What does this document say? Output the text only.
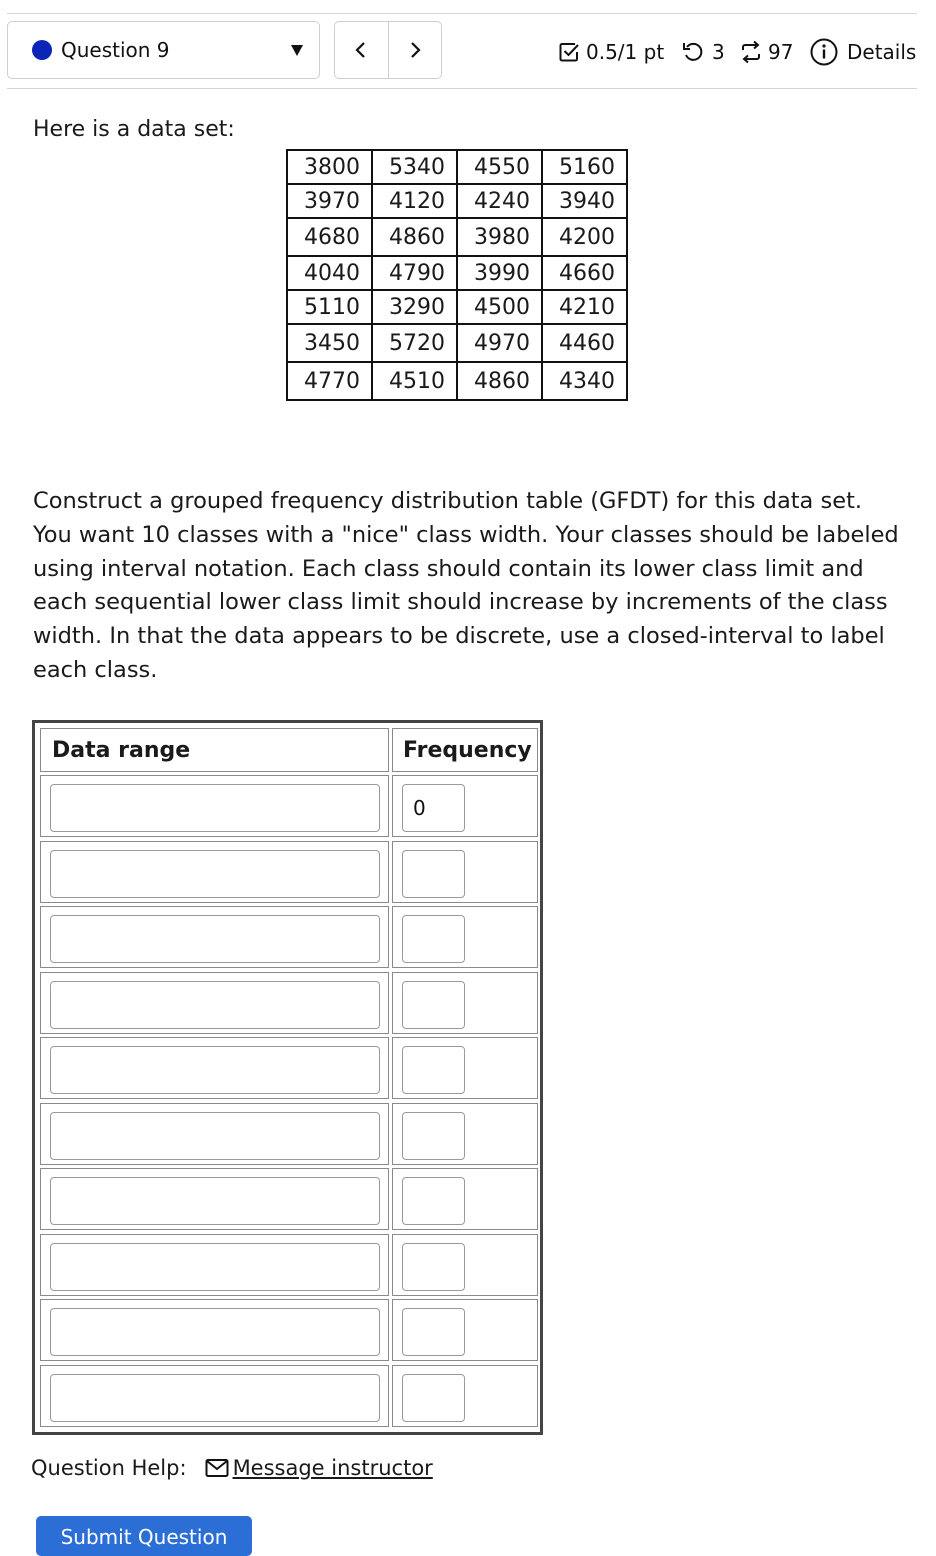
Question 9	0.5/1 pt 3 97	Details
Here is a data set:
3800	5340	4550	5160
3970	4120	4240	3940
4680	4860	3980	4200
4040	4790	3990	4660
5110	3290	4500	4210
3450	5720	4970	4460
4770	4510	4860	4340
Construct a grouped frequency distribution table (GFDT) for this data set. You want 10 classes with a "nice" class width. Your classes should be labeled using interval notation. Each class should contain its lower class limit and each sequential lower class limit should increase by increments of the class width. In that the data appears to be discrete, use a closed-interval to label each class.
Data range	Frequency
0
Question Help: Message instructor
Submit Question
